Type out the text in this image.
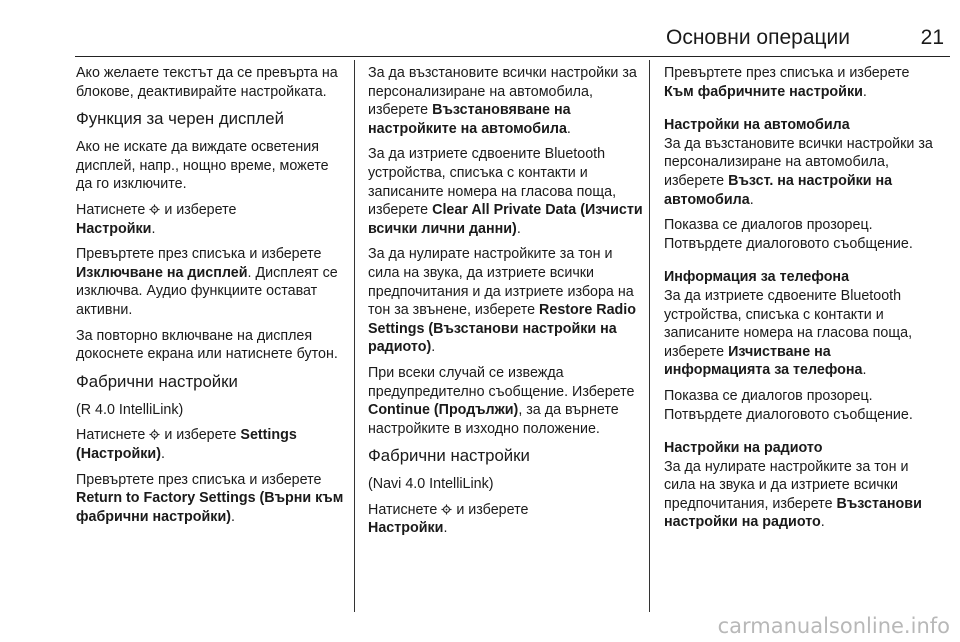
Основни операции	21

Ако желаете текстът да се превърта на блокове, деактивирайте настройката.

Функция за черен дисплей

Ако не искате да виждате осветения дисплей, напр., нощно време, можете да го изключите.

Натиснете и изберете
Настройки.

Превъртете през списъка и изберете Изключване на дисплей. Дисплеят се изключва. Аудио функциите остават активни.

За повторно включване на дисплея докоснете екрана или натиснете бутон.

Фабрични настройки

(R 4.0 IntelliLink)

Натиснете и изберете Settings (Настройки).

Превъртете през списъка и изберете Return to Factory Settings (Върни към фабрични настройки).

За да възстановите всички настройки за персонализиране на автомобила, изберете Възстановяване на настройките на автомобила.

За да изтриете сдвоените Bluetooth устройства, списъка с контакти и записаните номера на гласова поща, изберете Clear All Private Data (Изчисти всички лични данни).

За да нулирате настройките за тон и сила на звука, да изтриете всички предпочитания и да изтриете избора на тон за звънене, изберете Restore Radio Settings (Възстанови настройки на радиото).

При всеки случай се извежда предупредително съобщение. Изберете Continue (Продължи), за да върнете настройките в изходно положение.

Фабрични настройки

(Navi 4.0 IntelliLink)

Натиснете и изберете
Настройки.

Превъртете през списъка и изберете Към фабричните настройки.

Настройки на автомобила

За да възстановите всички настройки за персонализиране на автомобила, изберете Възст. на настройки на автомобила.

Показва се диалогов прозорец. Потвърдете диалоговото съобщение.

Информация за телефона

За да изтриете сдвоените Bluetooth устройства, списъка с контакти и записаните номера на гласова поща, изберете Изчистване на информацията за телефона.

Показва се диалогов прозорец. Потвърдете диалоговото съобщение.

Настройки на радиото

За да нулирате настройките за тон и сила на звука и да изтриете всички предпочитания, изберете Възстанови настройки на радиото.

carmanualsonline.info
